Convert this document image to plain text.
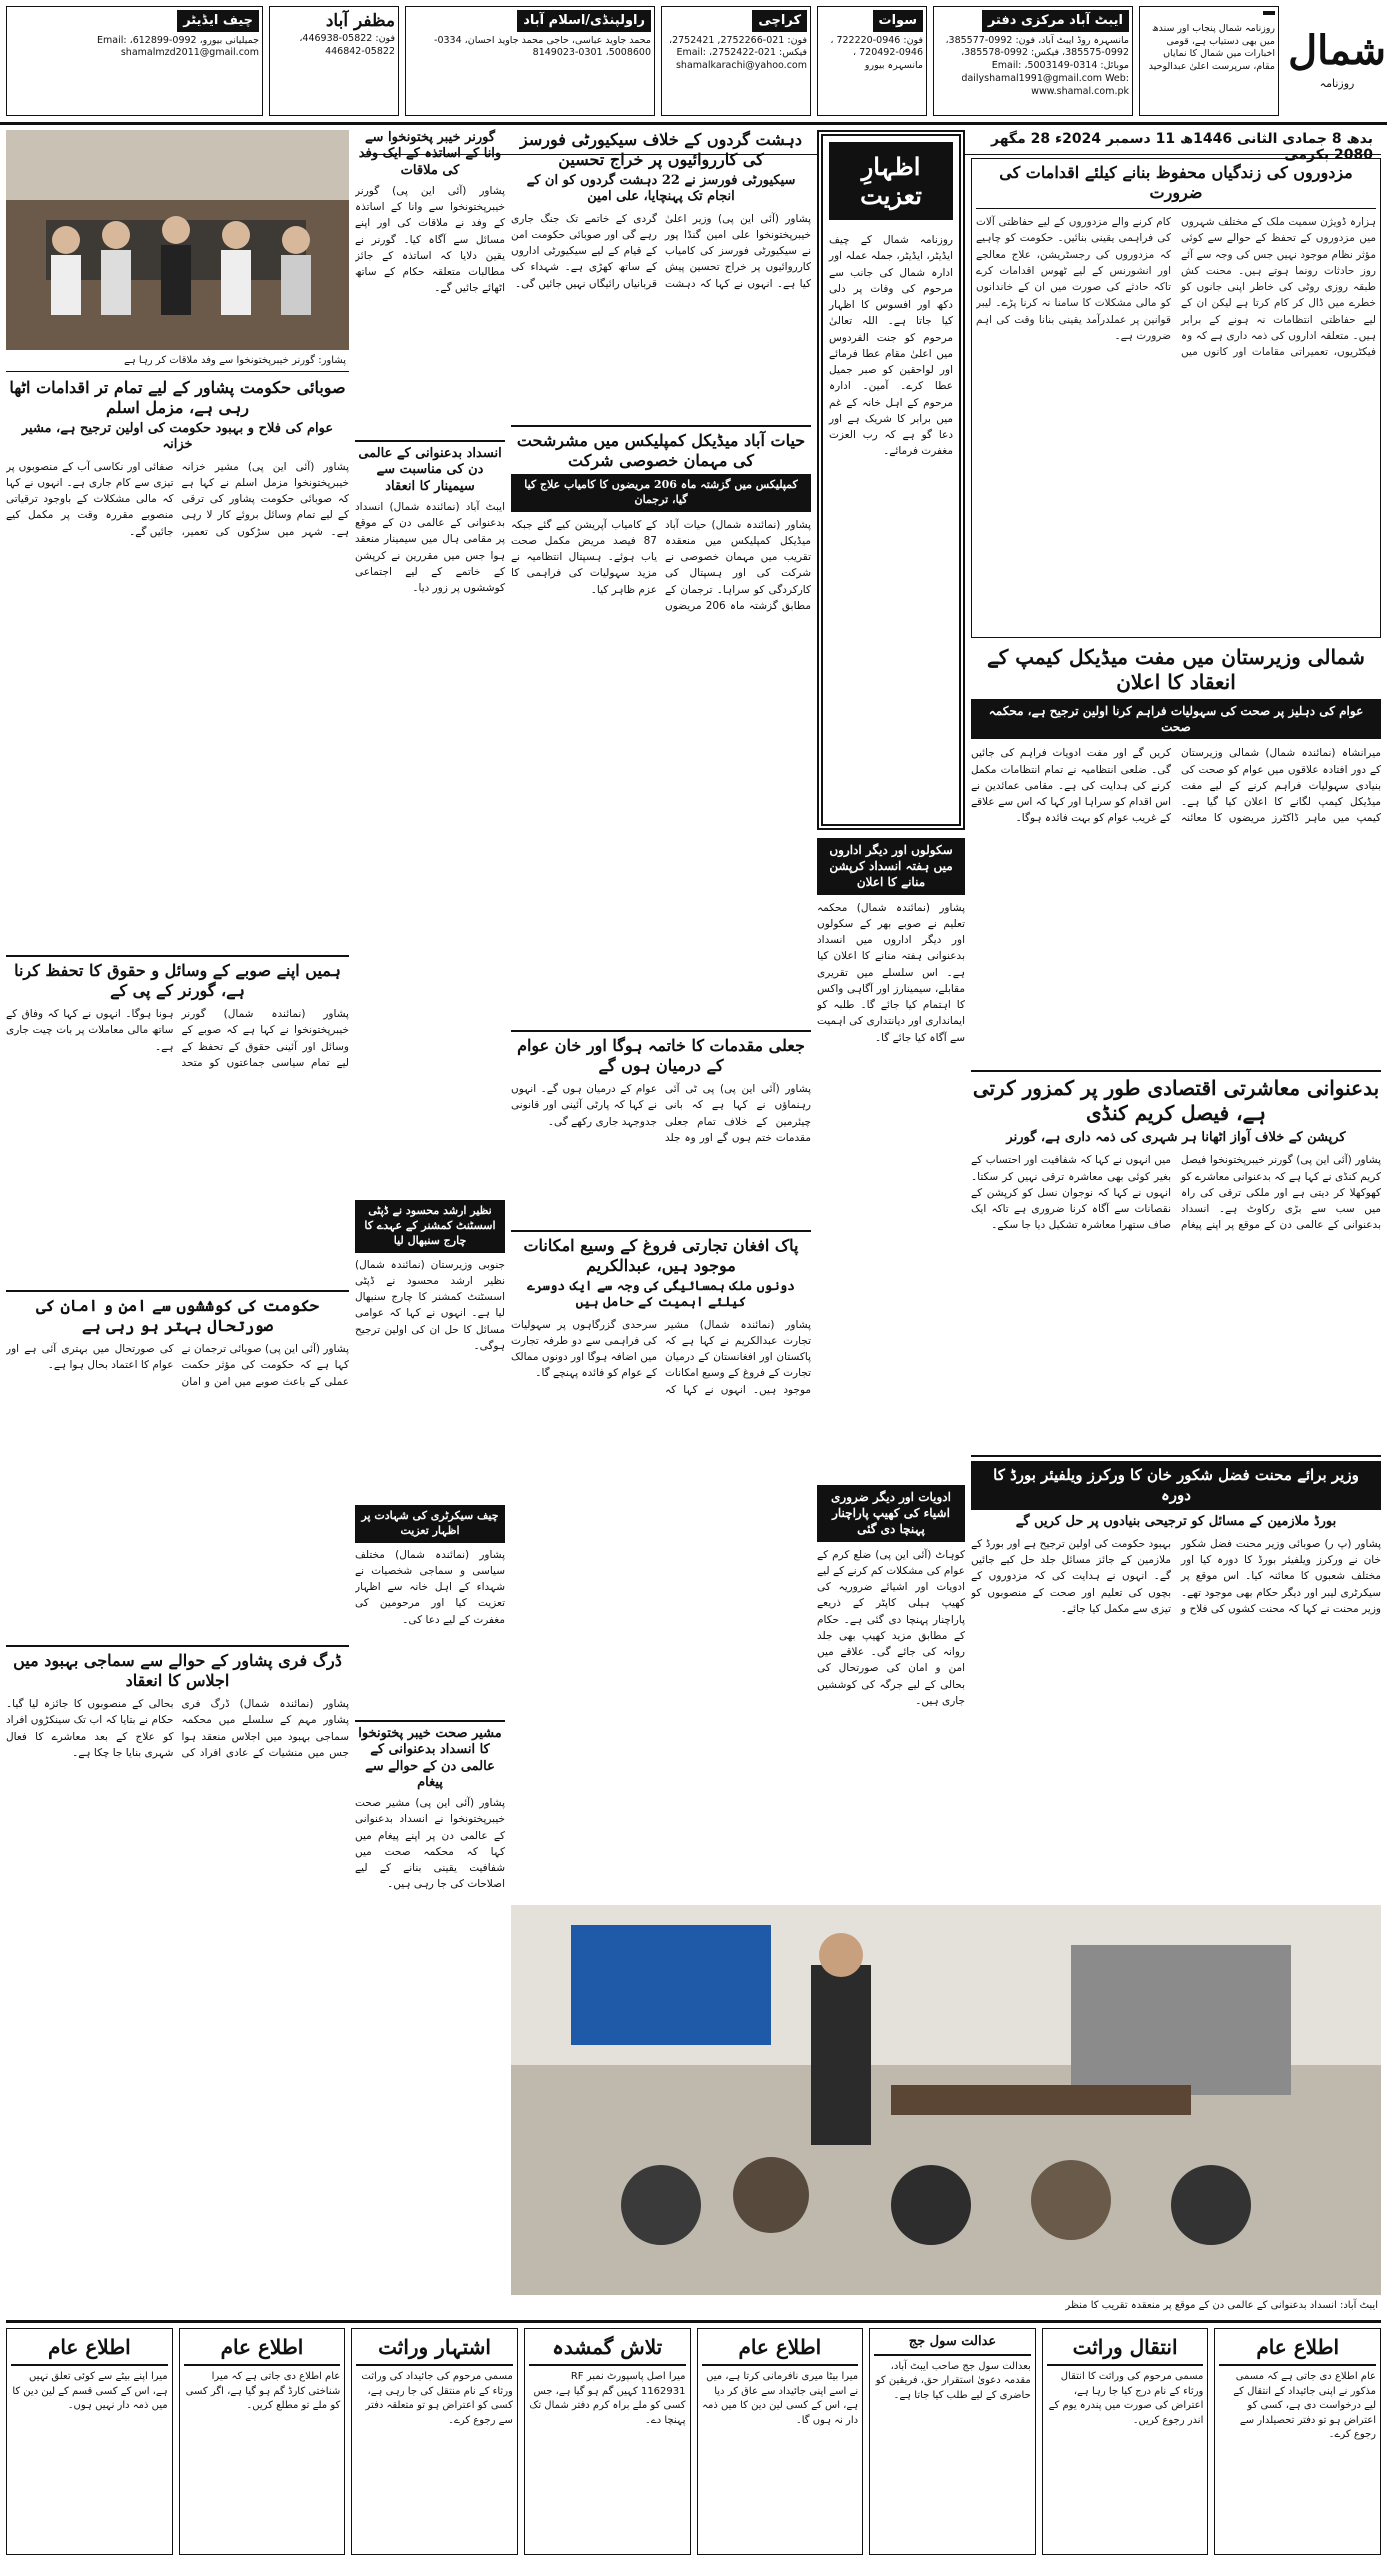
شمال
روزنامہ
روزنامہ شمال پنجاب اور سندھ میں بھی دستیاب ہے، قومی اخبارات میں شمال کا نمایاں مقام، سرپرست اعلیٰ عبدالوحید
ایبٹ آباد مرکزی دفتر
مانسہرہ روڈ ایبٹ آباد، فون: 0992-385577، 0992-385575، فیکس: 0992-385578، موبائل: 0314-5003149، Email: dailyshamal1991@gmail.com Web: www.shamal.com.pk
سوات
فون: 0946-722220 ، 0946-720492 ، مانسہرہ بیورو
کراچی
فون: 021-2752266, 2752421، فیکس: 021-2752422، Email: shamalkarachi@yahoo.com
راولپنڈی/اسلام آباد
محمد جاوید عباسی، حاجی محمد جاوید احسان، 0334-5008600، 0301-8149023
مظفر آباد
فون: 05822-446938، 05822-446842
چیف ایڈیٹر
جمیلیانی بیورو، 0992-612899، Email: shamalmzd2011@gmail.com
بدھ 8 جمادی الثانی 1446ھ 11 دسمبر 2024ء 28 مگھر 2080 بکرمی
مزدوروں کی زندگیاں محفوظ بنانے کیلئے اقدامات کی ضرورت
ہزارہ ڈویژن سمیت ملک کے مختلف شہروں میں مزدوروں کے تحفظ کے حوالے سے کوئی مؤثر نظام موجود نہیں جس کی وجہ سے آئے روز حادثات رونما ہوتے ہیں۔ محنت کش طبقہ روزی روٹی کی خاطر اپنی جانوں کو خطرے میں ڈال کر کام کرتا ہے لیکن ان کے لیے حفاظتی انتظامات نہ ہونے کے برابر ہیں۔ متعلقہ اداروں کی ذمہ داری ہے کہ وہ فیکٹریوں، تعمیراتی مقامات اور کانوں میں کام کرنے والے مزدوروں کے لیے حفاظتی آلات کی فراہمی یقینی بنائیں۔ حکومت کو چاہیے کہ مزدوروں کی رجسٹریشن، علاج معالجے اور انشورنس کے لیے ٹھوس اقدامات کرے تاکہ حادثے کی صورت میں ان کے خاندانوں کو مالی مشکلات کا سامنا نہ کرنا پڑے۔ لیبر قوانین پر عملدرآمد یقینی بنانا وقت کی اہم ضرورت ہے۔
شمالی وزیرستان میں مفت میڈیکل کیمپ کے انعقاد کا اعلان
عوام کی دہلیز پر صحت کی سہولیات فراہم کرنا اولین ترجیح ہے، محکمہ صحت
میرانشاہ (نمائندہ شمال) شمالی وزیرستان کے دور افتادہ علاقوں میں عوام کو صحت کی بنیادی سہولیات فراہم کرنے کے لیے مفت میڈیکل کیمپ لگانے کا اعلان کیا گیا ہے۔ کیمپ میں ماہر ڈاکٹرز مریضوں کا معائنہ کریں گے اور مفت ادویات فراہم کی جائیں گی۔ ضلعی انتظامیہ نے تمام انتظامات مکمل کرنے کی ہدایت کی ہے۔ مقامی عمائدین نے اس اقدام کو سراہا اور کہا کہ اس سے علاقے کے غریب عوام کو بہت فائدہ ہوگا۔
بدعنوانی معاشرتی اقتصادی طور پر کمزور کرتی ہے، فیصل کریم کنڈی
کرپشن کے خلاف آواز اٹھانا ہر شہری کی ذمہ داری ہے، گورنر
پشاور (آئی این پی) گورنر خیبرپختونخوا فیصل کریم کنڈی نے کہا ہے کہ بدعنوانی معاشرے کو کھوکھلا کر دیتی ہے اور ملکی ترقی کی راہ میں سب سے بڑی رکاوٹ ہے۔ انسداد بدعنوانی کے عالمی دن کے موقع پر اپنے پیغام میں انہوں نے کہا کہ شفافیت اور احتساب کے بغیر کوئی بھی معاشرہ ترقی نہیں کر سکتا۔ انہوں نے کہا کہ نوجوان نسل کو کرپشن کے نقصانات سے آگاہ کرنا ضروری ہے تاکہ ایک صاف ستھرا معاشرہ تشکیل دیا جا سکے۔
وزیر برائے محنت فضل شکور خان کا ورکرز ویلفیئر بورڈ کا دورہ
بورڈ ملازمین کے مسائل کو ترجیحی بنیادوں پر حل کریں گے
پشاور (پ ر) صوبائی وزیر محنت فضل شکور خان نے ورکرز ویلفیئر بورڈ کا دورہ کیا اور مختلف شعبوں کا معائنہ کیا۔ اس موقع پر سیکرٹری لیبر اور دیگر حکام بھی موجود تھے۔ وزیر محنت نے کہا کہ محنت کشوں کی فلاح و بہبود حکومت کی اولین ترجیح ہے اور بورڈ کے ملازمین کے جائز مسائل جلد حل کیے جائیں گے۔ انہوں نے ہدایت کی کہ مزدوروں کے بچوں کی تعلیم اور صحت کے منصوبوں کو تیزی سے مکمل کیا جائے۔
اظہارِ تعزیت
روزنامہ شمال کے چیف ایڈیٹر، ایڈیٹر، جملہ عملہ اور ادارہ شمال کی جانب سے مرحوم کی وفات پر دلی دکھ اور افسوس کا اظہار کیا جاتا ہے۔ اللہ تعالیٰ مرحوم کو جنت الفردوس میں اعلیٰ مقام عطا فرمائے اور لواحقین کو صبر جمیل عطا کرے۔ آمین۔ ادارہ مرحوم کے اہل خانہ کے غم میں برابر کا شریک ہے اور دعا گو ہے کہ رب العزت مغفرت فرمائے۔
سکولوں اور دیگر اداروں میں ہفتہ انسداد کرپشن منانے کا اعلان
پشاور (نمائندہ شمال) محکمہ تعلیم نے صوبے بھر کے سکولوں اور دیگر اداروں میں انسداد بدعنوانی ہفتہ منانے کا اعلان کیا ہے۔ اس سلسلے میں تقریری مقابلے، سیمینارز اور آگاہی واکس کا اہتمام کیا جائے گا۔ طلبہ کو ایمانداری اور دیانتداری کی اہمیت سے آگاہ کیا جائے گا۔
ادویات اور دیگر ضروری اشیاء کی کھیپ پاراچنار پہنچا دی گئی
کوہاٹ (آئی این پی) ضلع کرم کے عوام کی مشکلات کم کرنے کے لیے ادویات اور اشیائے ضروریہ کی کھیپ ہیلی کاپٹر کے ذریعے پاراچنار پہنچا دی گئی ہے۔ حکام کے مطابق مزید کھیپ بھی جلد روانہ کی جائے گی۔ علاقے میں امن و امان کی صورتحال کی بحالی کے لیے جرگہ کی کوششیں جاری ہیں۔
دہشت گردوں کے خلاف سیکیورٹی فورسز کی کارروائیوں پر خراج تحسین
سیکیورٹی فورسز نے 22 دہشت گردوں کو ان کے انجام تک پہنچایا، علی امین
پشاور (آئی این پی) وزیر اعلیٰ خیبرپختونخوا علی امین گنڈا پور نے سیکیورٹی فورسز کی کامیاب کارروائیوں پر خراج تحسین پیش کیا ہے۔ انہوں نے کہا کہ دہشت گردی کے خاتمے تک جنگ جاری رہے گی اور صوبائی حکومت امن کے قیام کے لیے سیکیورٹی اداروں کے ساتھ کھڑی ہے۔ شہداء کی قربانیاں رائیگاں نہیں جائیں گی۔
حیات آباد میڈیکل کمپلیکس میں مشرشحت کی مہمان خصوصی شرکت
کمپلیکس میں گزشتہ ماہ 206 مریضوں کا کامیاب علاج کیا گیا، ترجمان
پشاور (نمائندہ شمال) حیات آباد میڈیکل کمپلیکس میں منعقدہ تقریب میں مہمان خصوصی نے شرکت کی اور ہسپتال کی کارکردگی کو سراہا۔ ترجمان کے مطابق گزشتہ ماہ 206 مریضوں کے کامیاب آپریشن کیے گئے جبکہ 87 فیصد مریض مکمل صحت یاب ہوئے۔ ہسپتال انتظامیہ نے مزید سہولیات کی فراہمی کا عزم ظاہر کیا۔
جعلی مقدمات کا خاتمہ ہوگا اور خان عوام کے درمیان ہوں گے
پشاور (آئی این پی) پی ٹی آئی رہنماؤں نے کہا ہے کہ بانی چیئرمین کے خلاف تمام جعلی مقدمات ختم ہوں گے اور وہ جلد عوام کے درمیان ہوں گے۔ انہوں نے کہا کہ پارٹی آئینی اور قانونی جدوجہد جاری رکھے گی۔
پاک افغان تجارتی فروغ کے وسیع امکانات موجود ہیں، عبدالکریم
دونوں ملک ہمسائیگی کی وجہ سے ایک دوسرے کیلئے اہمیت کے حامل ہیں
پشاور (نمائندہ شمال) مشیر تجارت عبدالکریم نے کہا ہے کہ پاکستان اور افغانستان کے درمیان تجارت کے فروغ کے وسیع امکانات موجود ہیں۔ انہوں نے کہا کہ سرحدی گزرگاہوں پر سہولیات کی فراہمی سے دو طرفہ تجارت میں اضافہ ہوگا اور دونوں ممالک کے عوام کو فائدہ پہنچے گا۔
گورنر خیبر پختونخوا سے وانا کے اساتذہ کے ایک وفد کی ملاقات
پشاور (آئی این پی) گورنر خیبرپختونخوا سے وانا کے اساتذہ کے وفد نے ملاقات کی اور اپنے مسائل سے آگاہ کیا۔ گورنر نے یقین دلایا کہ اساتذہ کے جائز مطالبات متعلقہ حکام کے ساتھ اٹھائے جائیں گے۔
انسداد بدعنوانی کے عالمی دن کی مناسبت سے سیمینار کا انعقاد
ایبٹ آباد (نمائندہ شمال) انسداد بدعنوانی کے عالمی دن کے موقع پر مقامی ہال میں سیمینار منعقد ہوا جس میں مقررین نے کرپشن کے خاتمے کے لیے اجتماعی کوششوں پر زور دیا۔
نظیر ارشد محسود نے ڈپٹی اسسٹنٹ کمشنر کے عہدے کا چارج سنبھال لیا
جنوبی وزیرستان (نمائندہ شمال) نظیر ارشد محسود نے ڈپٹی اسسٹنٹ کمشنر کا چارج سنبھال لیا ہے۔ انہوں نے کہا کہ عوامی مسائل کا حل ان کی اولین ترجیح ہوگی۔
چیف سیکرٹری کی شہادت پر اظہار تعزیت
پشاور (نمائندہ شمال) مختلف سیاسی و سماجی شخصیات نے شہداء کے اہل خانہ سے اظہار تعزیت کیا اور مرحومین کی مغفرت کے لیے دعا کی۔
مشیر صحت خیبر پختونخوا کا انسداد بدعنوانی کے عالمی دن کے حوالے سے پیغام
پشاور (آئی این پی) مشیر صحت خیبرپختونخوا نے انسداد بدعنوانی کے عالمی دن پر اپنے پیغام میں کہا کہ محکمہ صحت میں شفافیت یقینی بنانے کے لیے اصلاحات کی جا رہی ہیں۔
پشاور: گورنر خیبرپختونخوا سے وفد ملاقات کر رہا ہے
صوبائی حکومت پشاور کے لیے تمام تر اقدامات اٹھا رہی ہے، مزمل اسلم
عوام کی فلاح و بہبود حکومت کی اولین ترجیح ہے، مشیر خزانہ
پشاور (آئی این پی) مشیر خزانہ خیبرپختونخوا مزمل اسلم نے کہا ہے کہ صوبائی حکومت پشاور کی ترقی کے لیے تمام وسائل بروئے کار لا رہی ہے۔ شہر میں سڑکوں کی تعمیر، صفائی اور نکاسی آب کے منصوبوں پر تیزی سے کام جاری ہے۔ انہوں نے کہا کہ مالی مشکلات کے باوجود ترقیاتی منصوبے مقررہ وقت پر مکمل کیے جائیں گے۔
ہمیں اپنے صوبے کے وسائل و حقوق کا تحفظ کرنا ہے، گورنر کے پی کے
پشاور (نمائندہ شمال) گورنر خیبرپختونخوا نے کہا ہے کہ صوبے کے وسائل اور آئینی حقوق کے تحفظ کے لیے تمام سیاسی جماعتوں کو متحد ہونا ہوگا۔ انہوں نے کہا کہ وفاق کے ساتھ مالی معاملات پر بات چیت جاری ہے۔
حکومت کی کوششوں سے امن و امان کی صورتحال بہتر ہو رہی ہے
پشاور (آئی این پی) صوبائی ترجمان نے کہا ہے کہ حکومت کی مؤثر حکمت عملی کے باعث صوبے میں امن و امان کی صورتحال میں بہتری آئی ہے اور عوام کا اعتماد بحال ہوا ہے۔
ڈرگ فری پشاور کے حوالے سے سماجی بہبود میں اجلاس کا انعقاد
پشاور (نمائندہ شمال) ڈرگ فری پشاور مہم کے سلسلے میں محکمہ سماجی بہبود میں اجلاس منعقد ہوا جس میں منشیات کے عادی افراد کی بحالی کے منصوبوں کا جائزہ لیا گیا۔ حکام نے بتایا کہ اب تک سینکڑوں افراد کو علاج کے بعد معاشرے کا فعال شہری بنایا جا چکا ہے۔
ایبٹ آباد: انسداد بدعنوانی کے عالمی دن کے موقع پر منعقدہ تقریب کا منظر
اطلاع عام
عام اطلاع دی جاتی ہے کہ مسمی مذکور نے اپنی جائیداد کے انتقال کے لیے درخواست دی ہے، کسی کو اعتراض ہو تو دفتر تحصیلدار سے رجوع کرے۔
انتقال وراثت
مسمی مرحوم کی وراثت کا انتقال ورثاء کے نام درج کیا جا رہا ہے، اعتراض کی صورت میں پندرہ یوم کے اندر رجوع کریں۔
عدالت سول جج
بعدالت سول جج صاحب ایبٹ آباد، مقدمہ دعویٰ استقرار حق، فریقین کو حاضری کے لیے طلب کیا جاتا ہے۔
اطلاع عام
میرا بیٹا میری نافرمانی کرتا ہے، میں نے اسے اپنی جائیداد سے عاق کر دیا ہے، اس کے کسی لین دین کا میں ذمہ دار نہ ہوں گا۔
تلاش گمشدہ
میرا اصل پاسپورٹ نمبر RF 1162931 کہیں گم ہو گیا ہے، جس کسی کو ملے براہ کرم دفتر شمال تک پہنچا دے۔
اشتہار وراثت
مسمی مرحوم کی جائیداد کی وراثت ورثاء کے نام منتقل کی جا رہی ہے، کسی کو اعتراض ہو تو متعلقہ دفتر سے رجوع کرے۔
اطلاع عام
عام اطلاع دی جاتی ہے کہ میرا شناختی کارڈ گم ہو گیا ہے، اگر کسی کو ملے تو مطلع کریں۔
اطلاع عام
میرا اپنے بیٹے سے کوئی تعلق نہیں ہے، اس کے کسی قسم کے لین دین کا میں ذمہ دار نہیں ہوں۔
